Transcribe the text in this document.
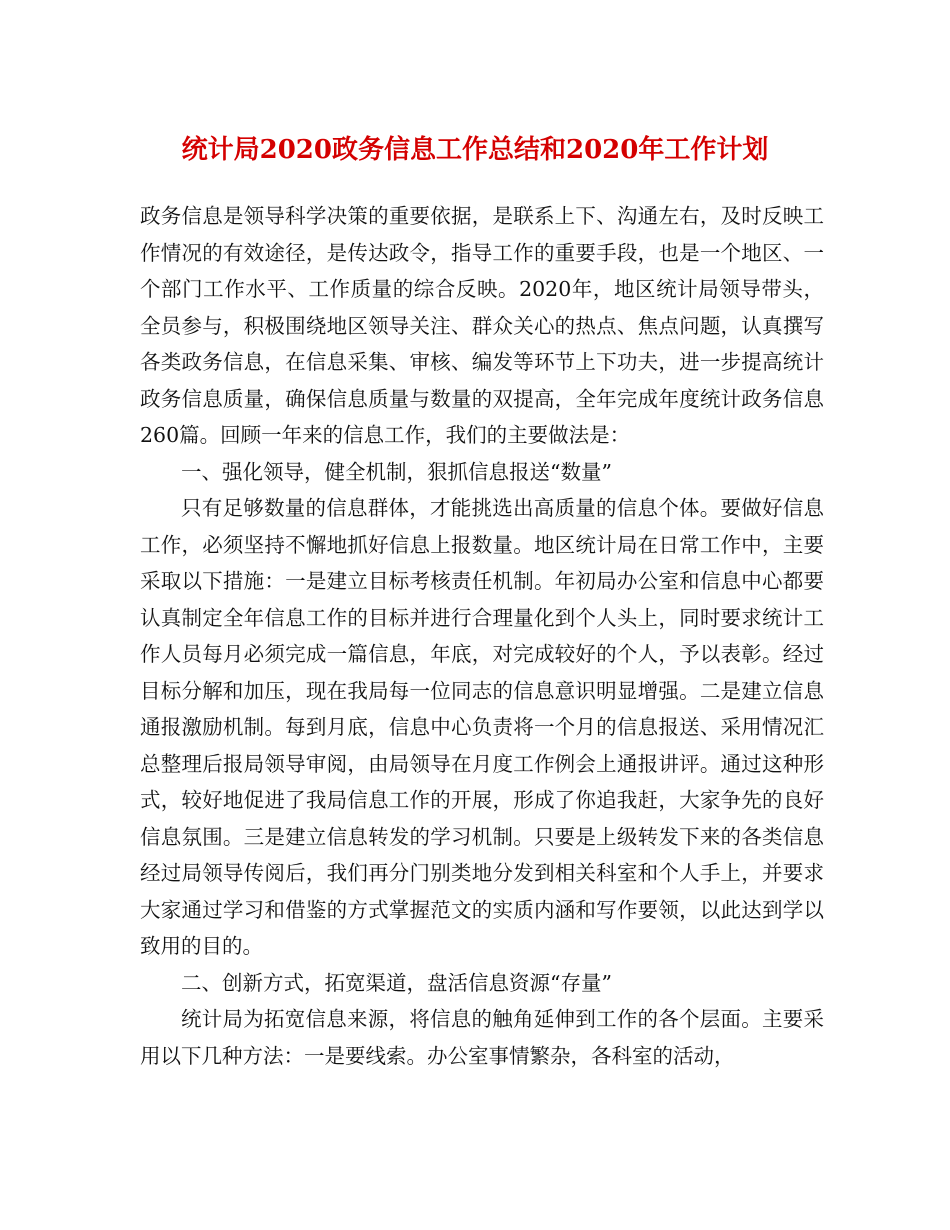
统计局2020政务信息工作总结和2020年工作计划

政务信息是领导科学决策的重要依据，是联系上下、沟通左右，及时反映工作情况的有效途径，是传达政令，指导工作的重要手段，也是一个地区、一个部门工作水平、工作质量的综合反映。2020年，地区统计局领导带头，全员参与，积极围绕地区领导关注、群众关心的热点、焦点问题，认真撰写各类政务信息，在信息采集、审核、编发等环节上下功夫，进一步提高统计政务信息质量，确保信息质量与数量的双提高，全年完成年度统计政务信息260篇。回顾一年来的信息工作，我们的主要做法是：

一、强化领导，健全机制，狠抓信息报送“数量”

只有足够数量的信息群体，才能挑选出高质量的信息个体。要做好信息工作，必须坚持不懈地抓好信息上报数量。地区统计局在日常工作中，主要采取以下措施：一是建立目标考核责任机制。年初局办公室和信息中心都要认真制定全年信息工作的目标并进行合理量化到个人头上，同时要求统计工作人员每月必须完成一篇信息，年底，对完成较好的个人，予以表彰。经过目标分解和加压，现在我局每一位同志的信息意识明显增强。二是建立信息通报激励机制。每到月底，信息中心负责将一个月的信息报送、采用情况汇总整理后报局领导审阅，由局领导在月度工作例会上通报讲评。通过这种形式，较好地促进了我局信息工作的开展，形成了你追我赶，大家争先的良好信息氛围。三是建立信息转发的学习机制。只要是上级转发下来的各类信息经过局领导传阅后，我们再分门别类地分发到相关科室和个人手上，并要求大家通过学习和借鉴的方式掌握范文的实质内涵和写作要领，以此达到学以致用的目的。

二、创新方式，拓宽渠道，盘活信息资源“存量”

统计局为拓宽信息来源，将信息的触角延伸到工作的各个层面。主要采用以下几种方法：一是要线索。办公室事情繁杂，各科室的活动，
